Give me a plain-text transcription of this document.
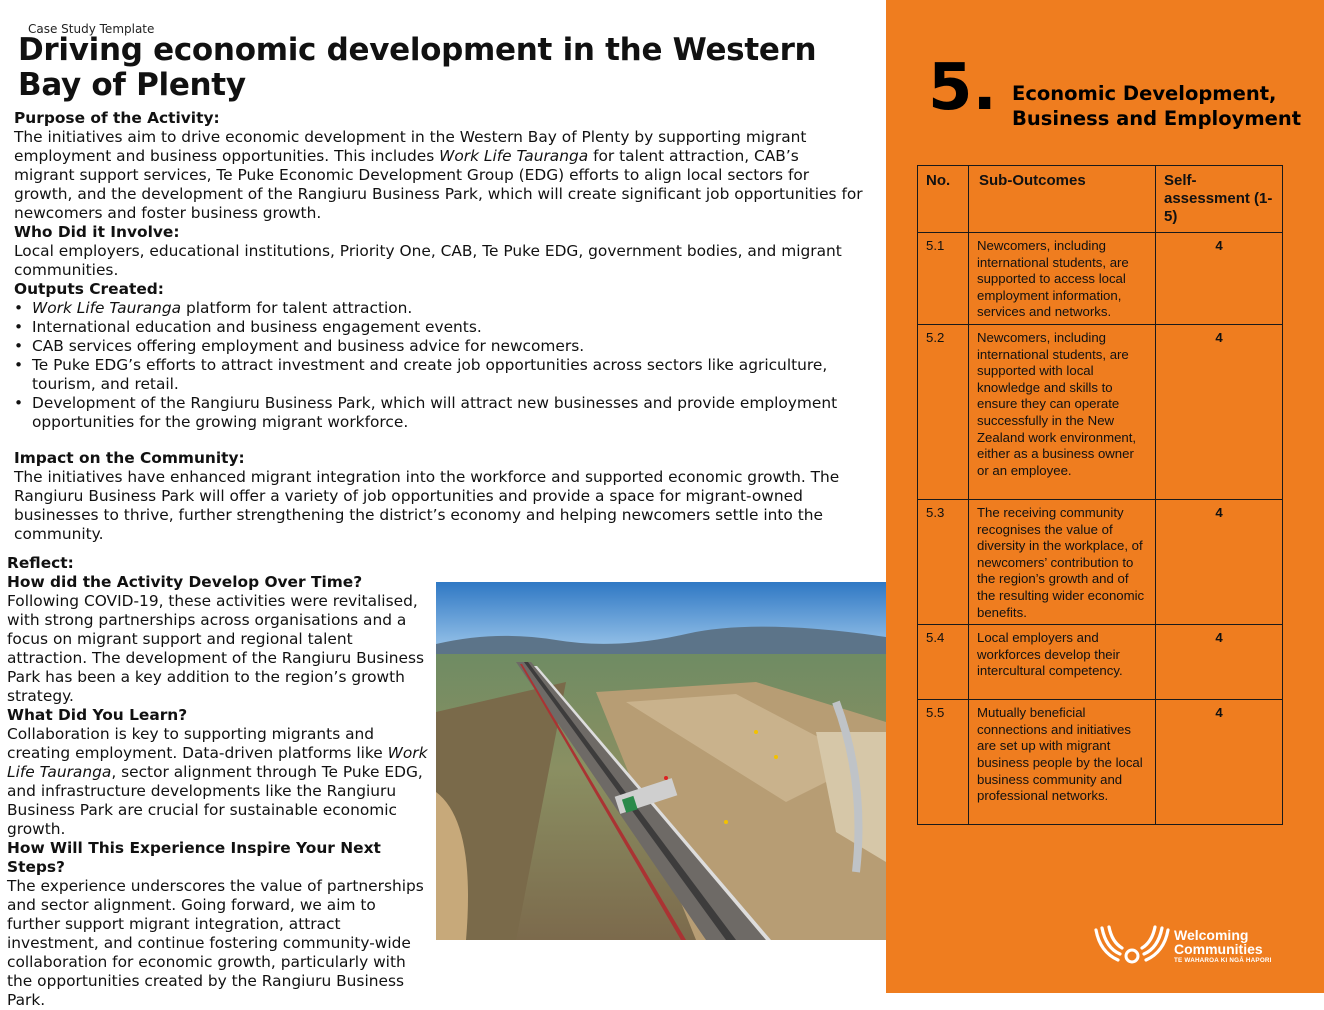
Case Study Template
Driving economic development in the Western Bay of Plenty

Purpose of the Activity:

The initiatives aim to drive economic development in the Western Bay of Plenty by supporting migrant employment and business opportunities. This includes Work Life Tauranga for talent attraction, CAB’s migrant support services, Te Puke Economic Development Group (EDG) efforts to align local sectors for growth, and the development of the Rangiuru Business Park, which will create significant job opportunities for newcomers and foster business growth.

Who Did it Involve:

Local employers, educational institutions, Priority One, CAB, Te Puke EDG, government bodies, and migrant communities.

Outputs Created:

• Work Life Tauranga platform for talent attraction.
• International education and business engagement events.
• CAB services offering employment and business advice for newcomers.
• Te Puke EDG’s efforts to attract investment and create job opportunities across sectors like agriculture, tourism, and retail.
• Development of the Rangiuru Business Park, which will attract new businesses and provide employment opportunities for the growing migrant workforce.

Impact on the Community:

The initiatives have enhanced migrant integration into the workforce and supported economic growth. The Rangiuru Business Park will offer a variety of job opportunities and provide a space for migrant-owned businesses to thrive, further strengthening the district’s economy and helping newcomers settle into the community.

Reflect:

How did the Activity Develop Over Time?

Following COVID-19, these activities were revitalised, with strong partnerships across organisations and a focus on migrant support and regional talent attraction. The development of the Rangiuru Business Park has been a key addition to the region’s growth strategy.

What Did You Learn?

Collaboration is key to supporting migrants and creating employment. Data-driven platforms like Work Life Tauranga, sector alignment through Te Puke EDG, and infrastructure developments like the Rangiuru Business Park are crucial for sustainable economic growth.

How Will This Experience Inspire Your Next Steps?

The experience underscores the value of partnerships and sector alignment. Going forward, we aim to further support migrant integration, attract investment, and continue fostering community-wide collaboration for economic growth, particularly with the opportunities created by the Rangiuru Business Park.

5. Economic Development, Business and Employment
No.	Sub-Outcomes	Self-assessment (1-5)
5.1	Newcomers, including international students, are supported to access local employment information, services and networks.	4
5.2	Newcomers, including international students, are supported with local knowledge and skills to ensure they can operate successfully in the New Zealand work environment, either as a business owner or an employee.	4
5.3	The receiving community recognises the value of diversity in the workplace, of newcomers’ contribution to the region’s growth and of the resulting wider economic benefits.	4
5.4	Local employers and workforces develop their intercultural competency.	4
5.5	Mutually beneficial connections and initiatives are set up with migrant business people by the local business community and professional networks.	4
Welcoming
Communities
TE WAHAROA KI NGĀ HAPORI
